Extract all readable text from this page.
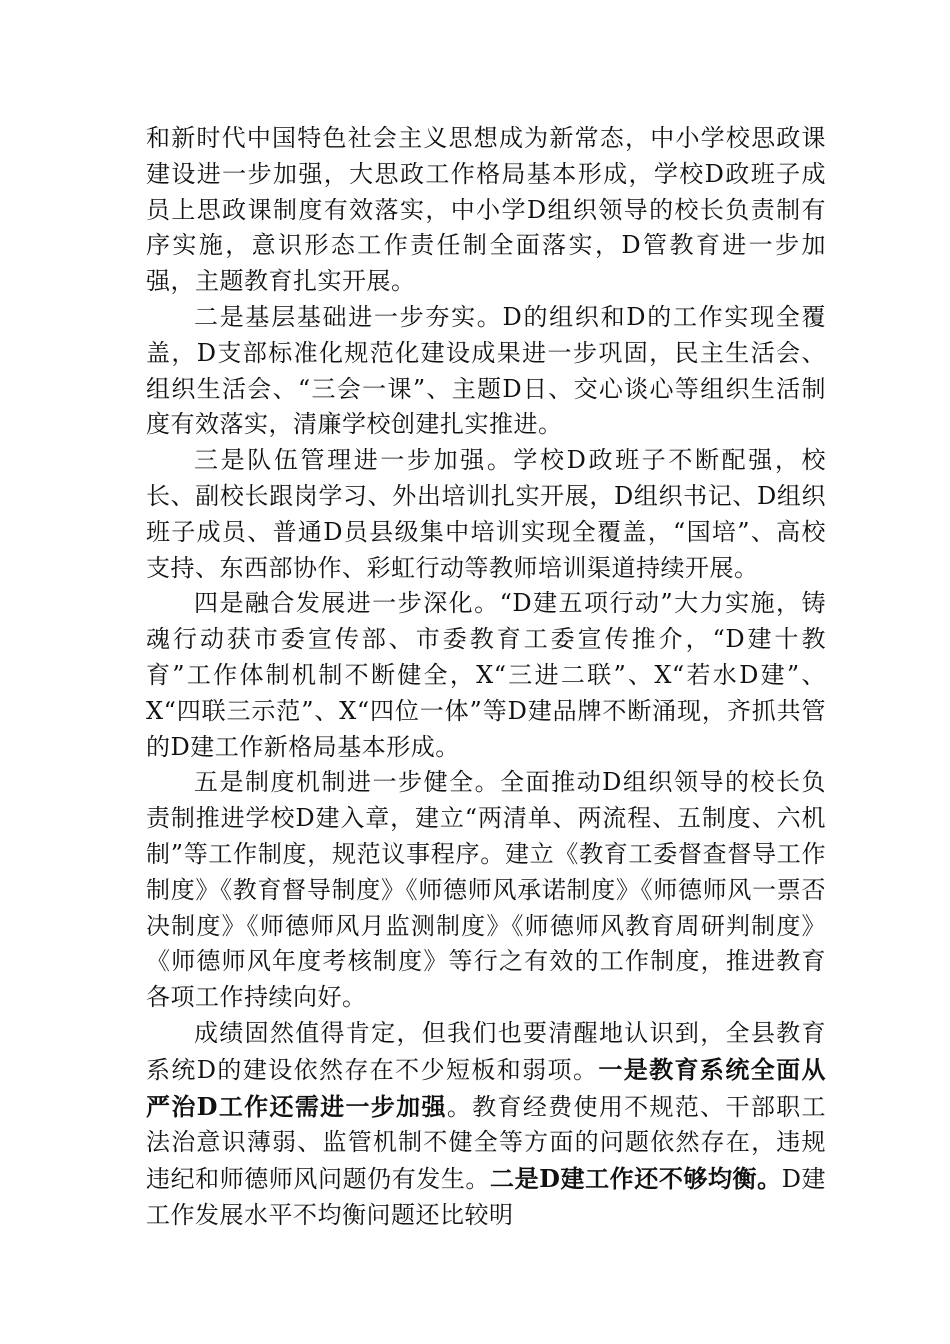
和新时代中国特色社会主义思想成为新常态，中小学校思政课建设进一步加强，大思政工作格局基本形成，学校D政班子成员上思政课制度有效落实，中小学D组织领导的校长负责制有序实施，意识形态工作责任制全面落实，D管教育进一步加强，主题教育扎实开展。

二是基层基础进一步夯实。D的组织和D的工作实现全覆盖，D支部标准化规范化建设成果进一步巩固，民主生活会、组织生活会、“三会一课”、主题D日、交心谈心等组织生活制度有效落实，清廉学校创建扎实推进。

三是队伍管理进一步加强。学校D政班子不断配强，校长、副校长跟岗学习、外出培训扎实开展，D组织书记、D组织班子成员、普通D员县级集中培训实现全覆盖，“国培”、高校支持、东西部协作、彩虹行动等教师培训渠道持续开展。

四是融合发展进一步深化。“D建五项行动”大力实施，铸魂行动获市委宣传部、市委教育工委宣传推介，“D建十教育”工作体制机制不断健全，X“三进二联”、X“若水D建”、X“四联三示范”、X“四位一体”等D建品牌不断涌现，齐抓共管的D建工作新格局基本形成。

五是制度机制进一步健全。全面推动D组织领导的校长负责制推进学校D建入章，建立“两清单、两流程、五制度、六机制”等工作制度，规范议事程序。建立《教育工委督查督导工作制度》《教育督导制度》《师德师风承诺制度》《师德师风一票否决制度》《师德师风月监测制度》《师德师风教育周研判制度》《师德师风年度考核制度》等行之有效的工作制度，推进教育各项工作持续向好。

成绩固然值得肯定，但我们也要清醒地认识到，全县教育系统D的建设依然存在不少短板和弱项。一是教育系统全面从严治D工作还需进一步加强。教育经费使用不规范、干部职工法治意识薄弱、监管机制不健全等方面的问题依然存在，违规违纪和师德师风问题仍有发生。二是D建工作还不够均衡。D建工作发展水平不均衡问题还比较明
